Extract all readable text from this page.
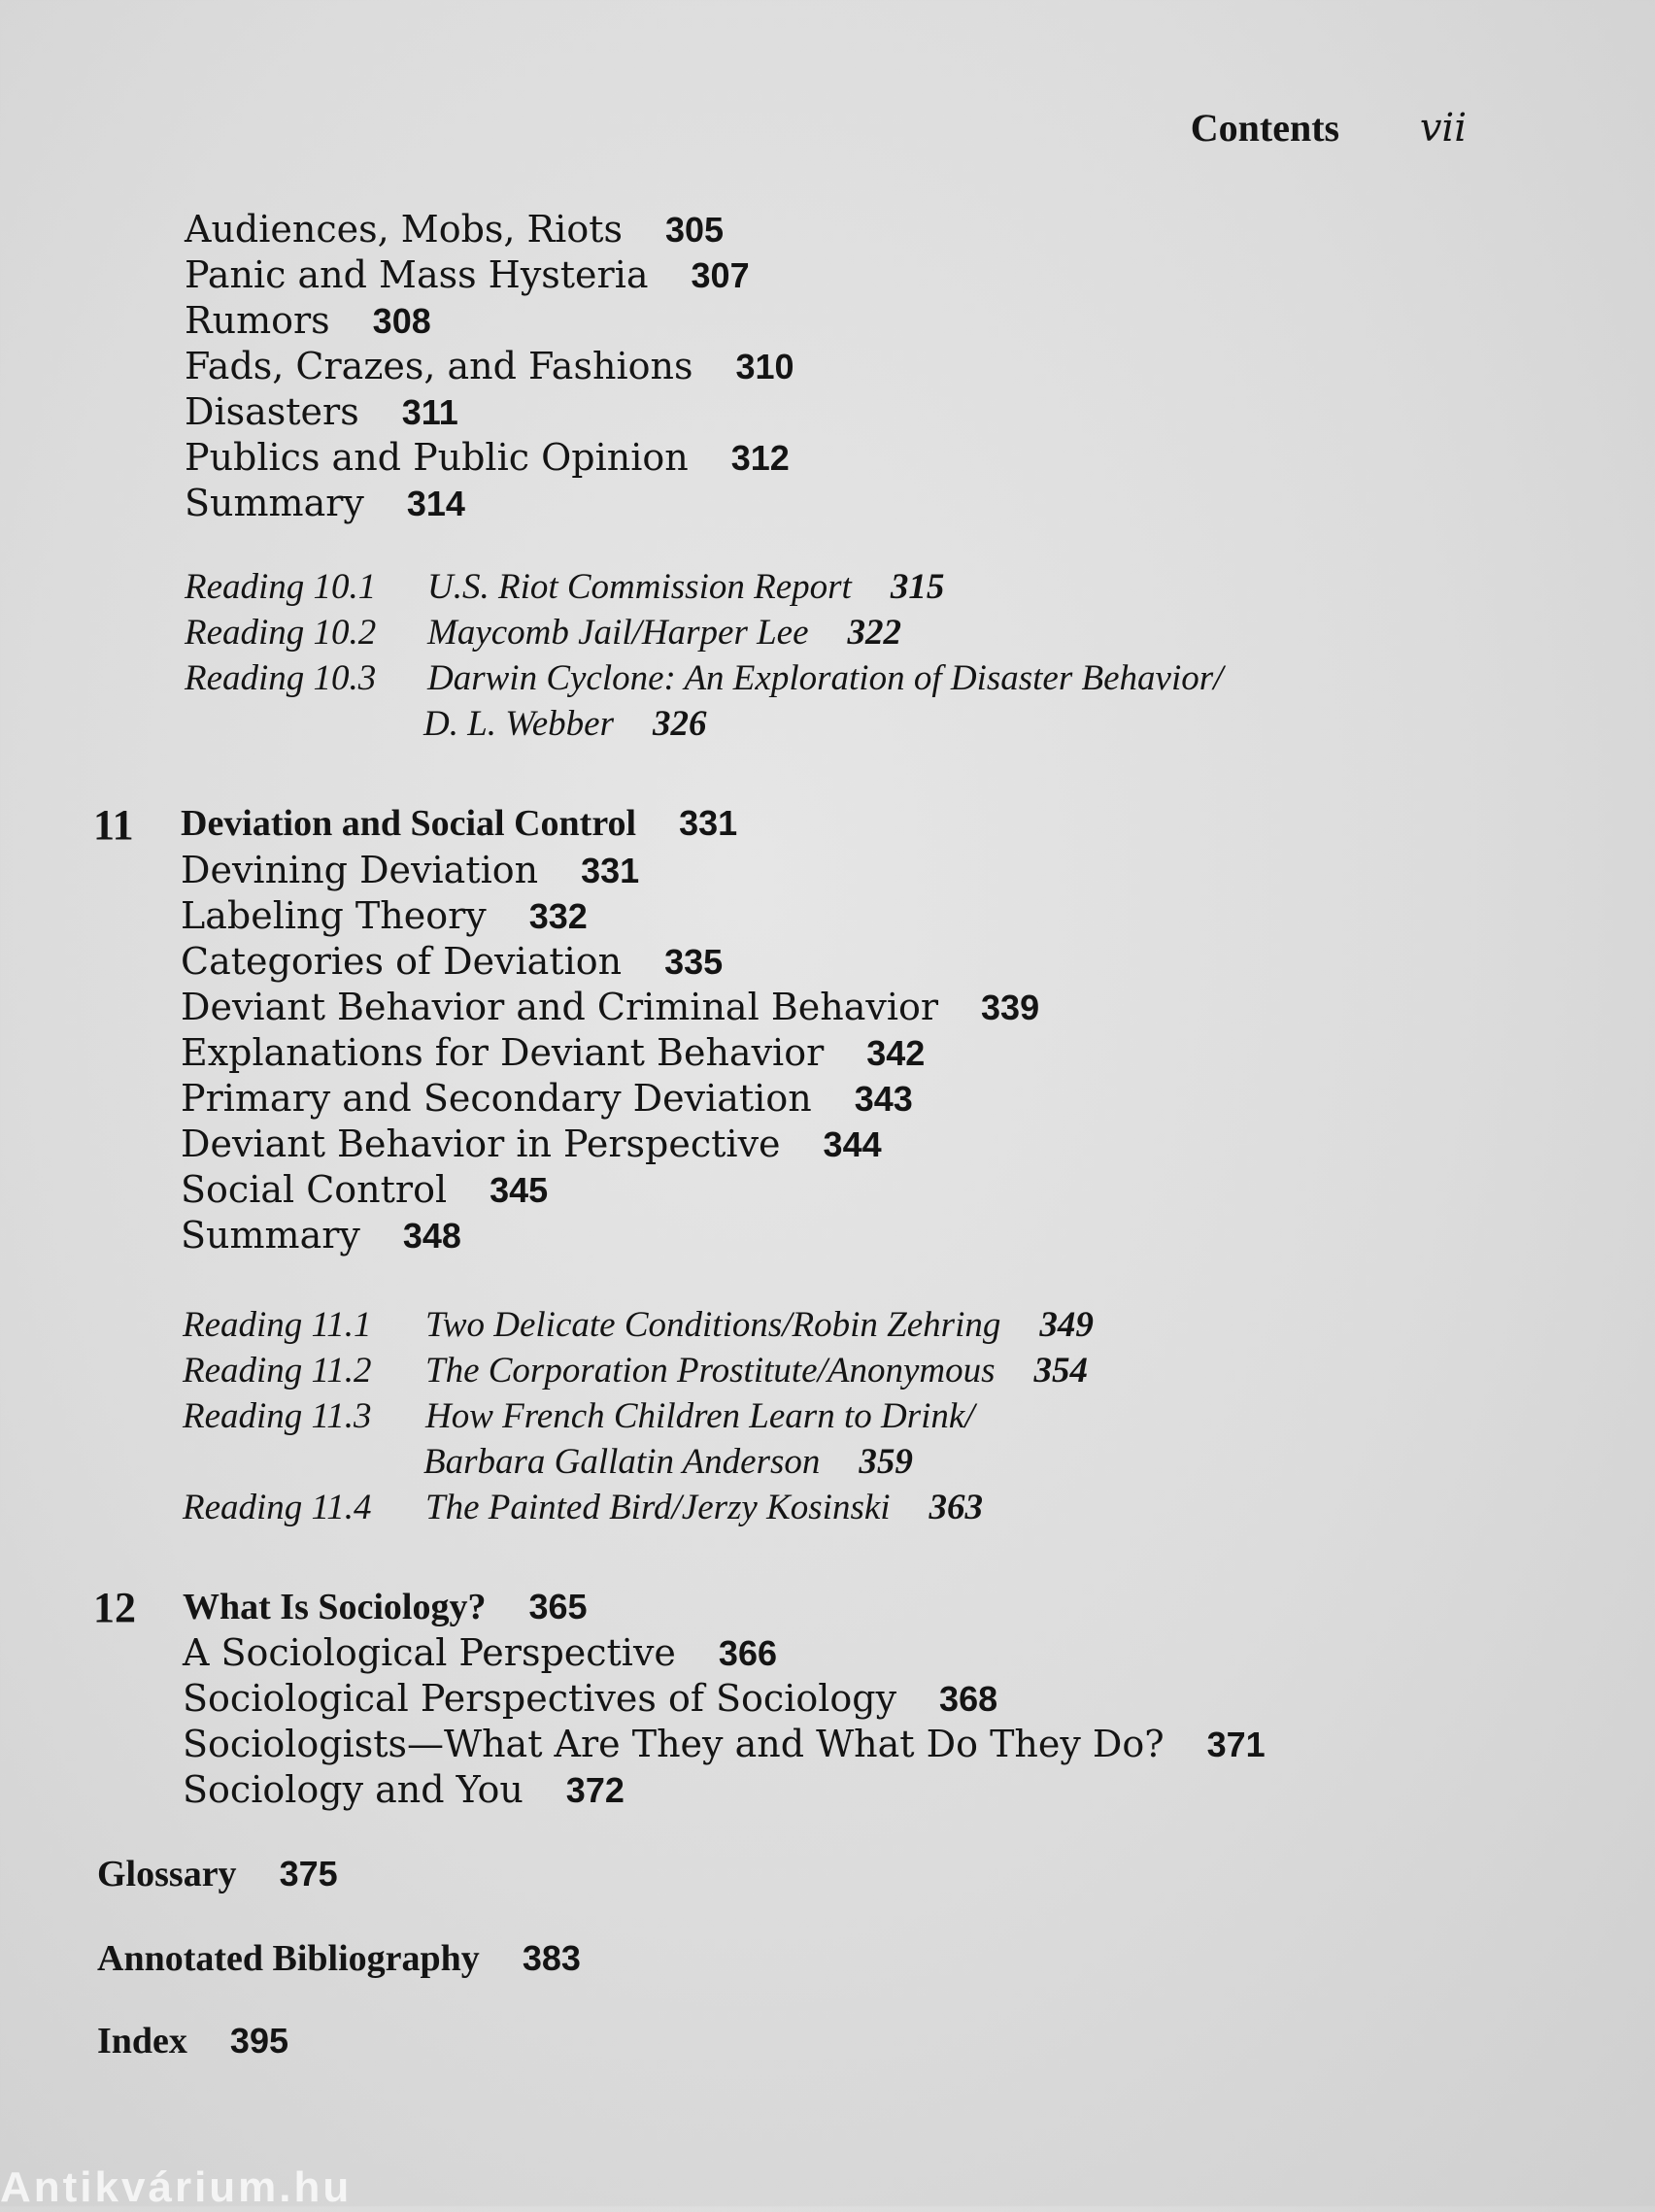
Contents vii
Audiences, Mobs, Riots 305
Panic and Mass Hysteria 307
Rumors 308
Fads, Crazes, and Fashions 310
Disasters 311
Publics and Public Opinion 312
Summary 314
Reading 10.1 U.S. Riot Commission Report 315
Reading 10.2 Maycomb Jail/Harper Lee 322
Reading 10.3 Darwin Cyclone: An Exploration of Disaster Behavior/
D. L. Webber 326
11 Deviation and Social Control 331
Devining Deviation 331
Labeling Theory 332
Categories of Deviation 335
Deviant Behavior and Criminal Behavior 339
Explanations for Deviant Behavior 342
Primary and Secondary Deviation 343
Deviant Behavior in Perspective 344
Social Control 345
Summary 348
Reading 11.1 Two Delicate Conditions/Robin Zehring 349
Reading 11.2 The Corporation Prostitute/Anonymous 354
Reading 11.3 How French Children Learn to Drink/
Barbara Gallatin Anderson 359
Reading 11.4 The Painted Bird/Jerzy Kosinski 363
12 What Is Sociology? 365
A Sociological Perspective 366
Sociological Perspectives of Sociology 368
Sociologists—What Are They and What Do They Do? 371
Sociology and You 372
Glossary 375
Annotated Bibliography 383
Index 395
Antikvárium.hu
